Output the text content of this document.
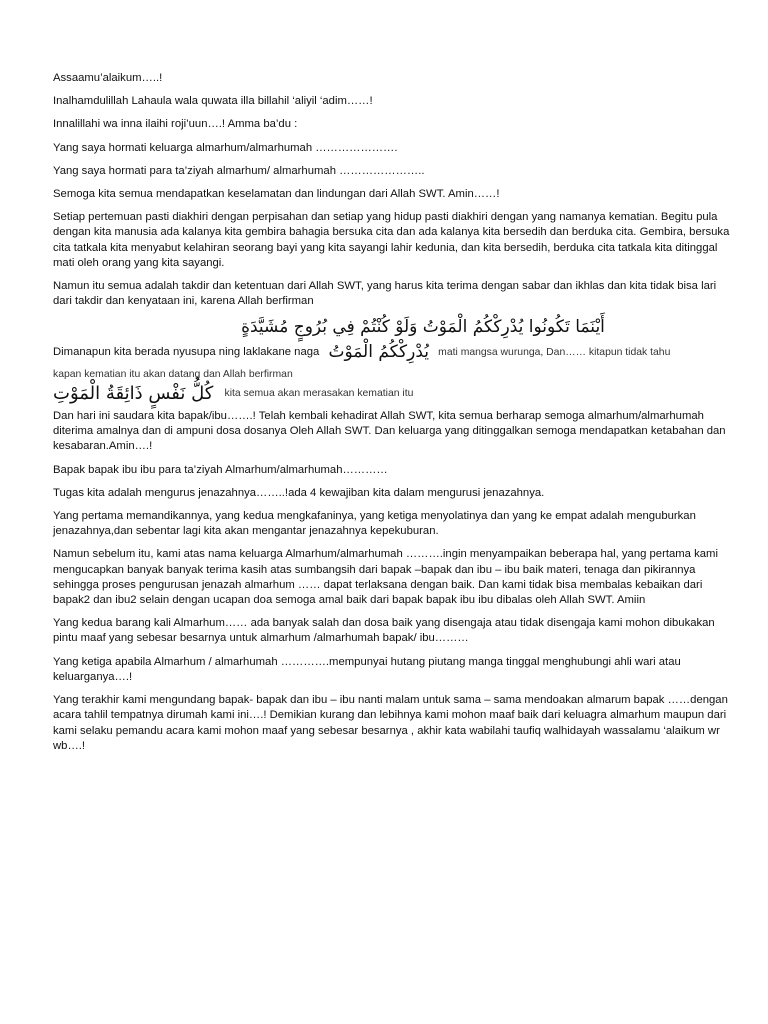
Assaamu’alaikum…..!

Inalhamdulillah Lahaula wala quwata illa billahil ‘aliyil ‘adim……!

Innalillahi wa inna ilaihi roji’uun….! Amma ba’du :

Yang saya hormati keluarga almarhum/almarhumah ………………….

Yang saya hormati para ta’ziyah almarhum/ almarhumah …………………..

Semoga kita semua mendapatkan keselamatan dan lindungan dari Allah SWT. Amin……!

Setiap pertemuan pasti diakhiri dengan perpisahan dan setiap yang hidup pasti diakhiri dengan yang namanya kematian. Begitu pula dengan kita manusia ada kalanya kita gembira bahagia bersuka cita dan ada kalanya kita bersedih dan berduka cita. Gembira, bersuka cita tatkala kita menyabut kelahiran seorang bayi yang kita sayangi lahir kedunia, dan kita bersedih, berduka cita tatkala kita ditinggal mati oleh orang yang kita sayangi.

Namun itu semua adalah takdir dan ketentuan dari Allah SWT, yang harus kita terima dengan sabar dan ikhlas dan kita tidak bisa lari dari takdir dan kenyataan ini, karena Allah berfirman

أَيْنَمَا تَكُونُوا يُدْرِكْكُمُ الْمَوْتُ وَلَوْ كُنْتُمْ فِي بُرُوجٍ مُشَيَّدَةٍ

Dimanapun kita berada nyusupa ning laklakane naga يُدْرِكْكُمُ الْمَوْتُ mati mangsa wurunga, Dan…… kitapun tidak tahu

kapan kematian itu akan datang dan Allah berfirman

كُلُّ نَفْسٍ ذَائِقَةُ الْمَوْتِ kita semua akan merasakan kematian itu

Dan hari ini saudara kita bapak/ibu…….! Telah kembali kehadirat Allah SWT, kita semua berharap semoga almarhum/almarhumah diterima amalnya dan di ampuni dosa dosanya Oleh Allah SWT. Dan keluarga yang ditinggalkan semoga mendapatkan ketabahan dan kesabaran.Amin….!

Bapak bapak ibu ibu para ta’ziyah Almarhum/almarhumah…………

Tugas kita adalah mengurus jenazahnya……..!ada 4 kewajiban kita dalam mengurusi jenazahnya.

Yang pertama memandikannya, yang kedua mengkafaninya, yang ketiga menyolatinya dan yang ke empat adalah menguburkan jenazahnya,dan sebentar lagi kita akan mengantar jenazahnya kepekuburan.

Namun sebelum itu, kami atas nama keluarga Almarhum/almarhumah ……….ingin menyampaikan beberapa hal, yang pertama kami mengucapkan banyak banyak terima kasih atas sumbangsih dari bapak –bapak dan ibu – ibu baik materi, tenaga dan pikirannya sehingga proses pengurusan jenazah almarhum …… dapat terlaksana dengan baik. Dan kami tidak bisa membalas kebaikan dari bapak2 dan ibu2 selain dengan ucapan doa semoga amal baik dari bapak bapak ibu ibu dibalas oleh Allah SWT. Amiin

Yang kedua barang kali Almarhum…… ada banyak salah dan dosa baik yang disengaja atau tidak disengaja kami mohon dibukakan pintu maaf yang sebesar besarnya untuk almarhum /almarhumah bapak/ ibu………

Yang ketiga apabila Almarhum / almarhumah ………….mempunyai hutang piutang manga tinggal menghubungi ahli wari atau keluarganya….!

Yang terakhir kami mengundang bapak- bapak dan ibu – ibu nanti malam untuk sama – sama mendoakan almarum bapak ……dengan acara tahlil tempatnya dirumah kami ini….! Demikian kurang dan lebihnya kami mohon maaf baik dari keluagra almarhum maupun dari kami selaku pemandu acara kami mohon maaf yang sebesar besarnya , akhir kata wabilahi taufiq walhidayah wassalamu ‘alaikum wr wb….!
